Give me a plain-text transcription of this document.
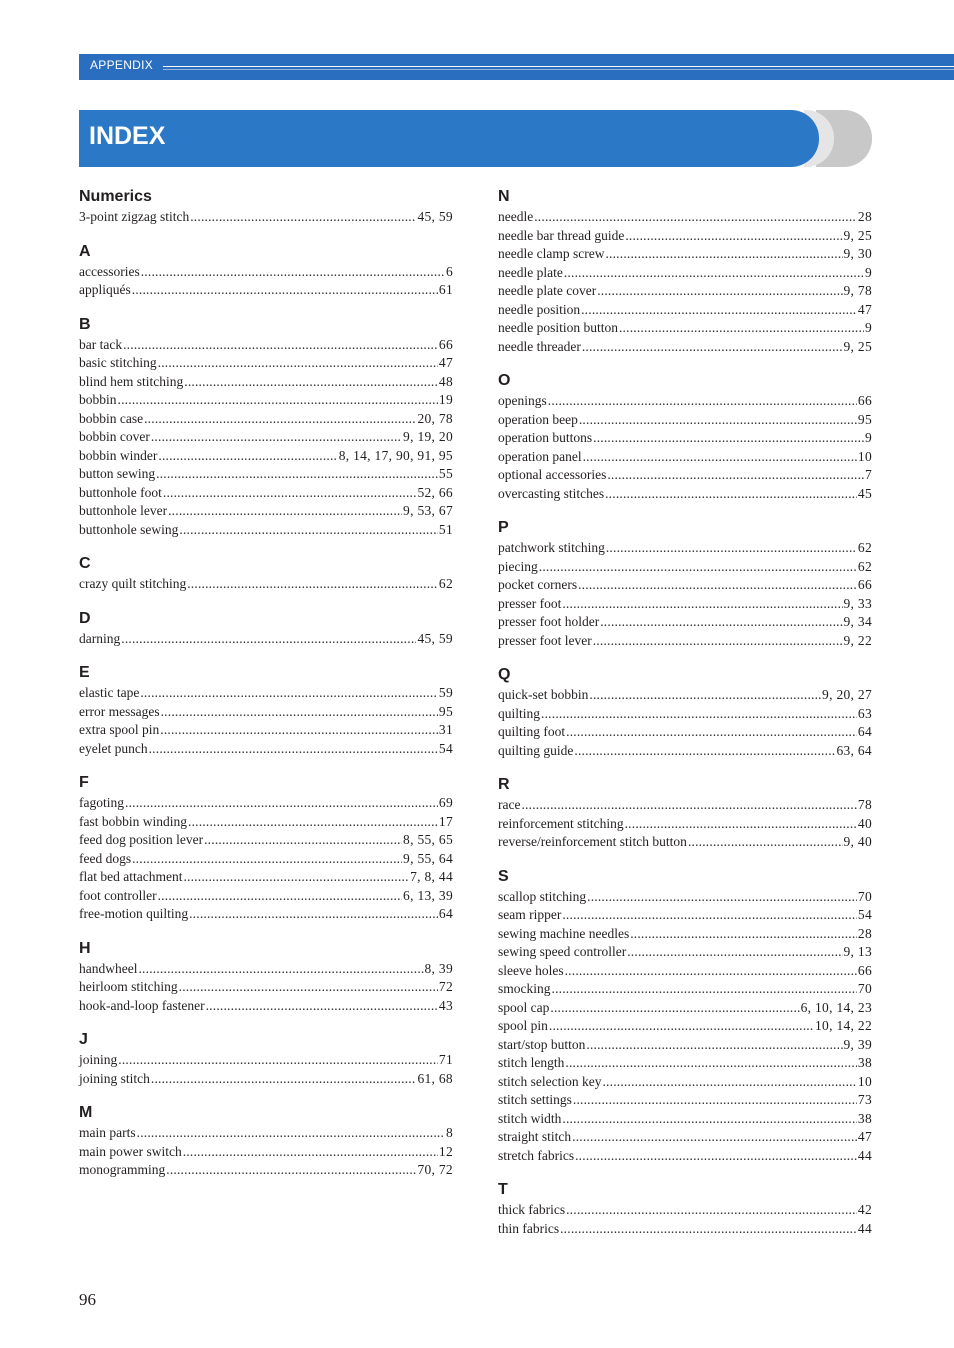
APPENDIX
INDEX
Numerics
3-point zigzag stitch .....	45, 59
A
accessories .....	6
appliqués .....	61
B
bar tack .....	66
basic stitching .....	47
blind hem stitching .....	48
bobbin .....	19
bobbin case .....	20, 78
bobbin cover .....	9, 19, 20
bobbin winder .....	8, 14, 17, 90, 91, 95
button sewing .....	55
buttonhole foot .....	52, 66
buttonhole lever .....	9, 53, 67
buttonhole sewing .....	51
C
crazy quilt stitching .....	62
D
darning .....	45, 59
E
elastic tape .....	59
error messages .....	95
extra spool pin .....	31
eyelet punch .....	54
F
fagoting .....	69
fast bobbin winding .....	17
feed dog position lever .....	8, 55, 65
feed dogs .....	9, 55, 64
flat bed attachment .....	7, 8, 44
foot controller .....	6, 13, 39
free-motion quilting .....	64
H
handwheel .....	8, 39
heirloom stitching .....	72
hook-and-loop fastener .....	43
J
joining .....	71
joining stitch .....	61, 68
M
main parts .....	8
main power switch .....	12
monogramming .....	70, 72
N
needle .....	28
needle bar thread guide .....	9, 25
needle clamp screw .....	9, 30
needle plate .....	9
needle plate cover .....	9, 78
needle position .....	47
needle position button .....	9
needle threader .....	9, 25
O
openings .....	66
operation beep .....	95
operation buttons .....	9
operation panel .....	10
optional accessories .....	7
overcasting stitches .....	45
P
patchwork stitching .....	62
piecing .....	62
pocket corners .....	66
presser foot .....	9, 33
presser foot holder .....	9, 34
presser foot lever .....	9, 22
Q
quick-set bobbin .....	9, 20, 27
quilting .....	63
quilting foot .....	64
quilting guide .....	63, 64
R
race .....	78
reinforcement stitching .....	40
reverse/reinforcement stitch button .....	9, 40
S
scallop stitching .....	70
seam ripper .....	54
sewing machine needles .....	28
sewing speed controller .....	9, 13
sleeve holes .....	66
smocking .....	70
spool cap .....	6, 10, 14, 23
spool pin .....	10, 14, 22
start/stop button .....	9, 39
stitch length .....	38
stitch selection key .....	10
stitch settings .....	73
stitch width .....	38
straight stitch .....	47
stretch fabrics .....	44
T
thick fabrics .....	42
thin fabrics .....	44
96
